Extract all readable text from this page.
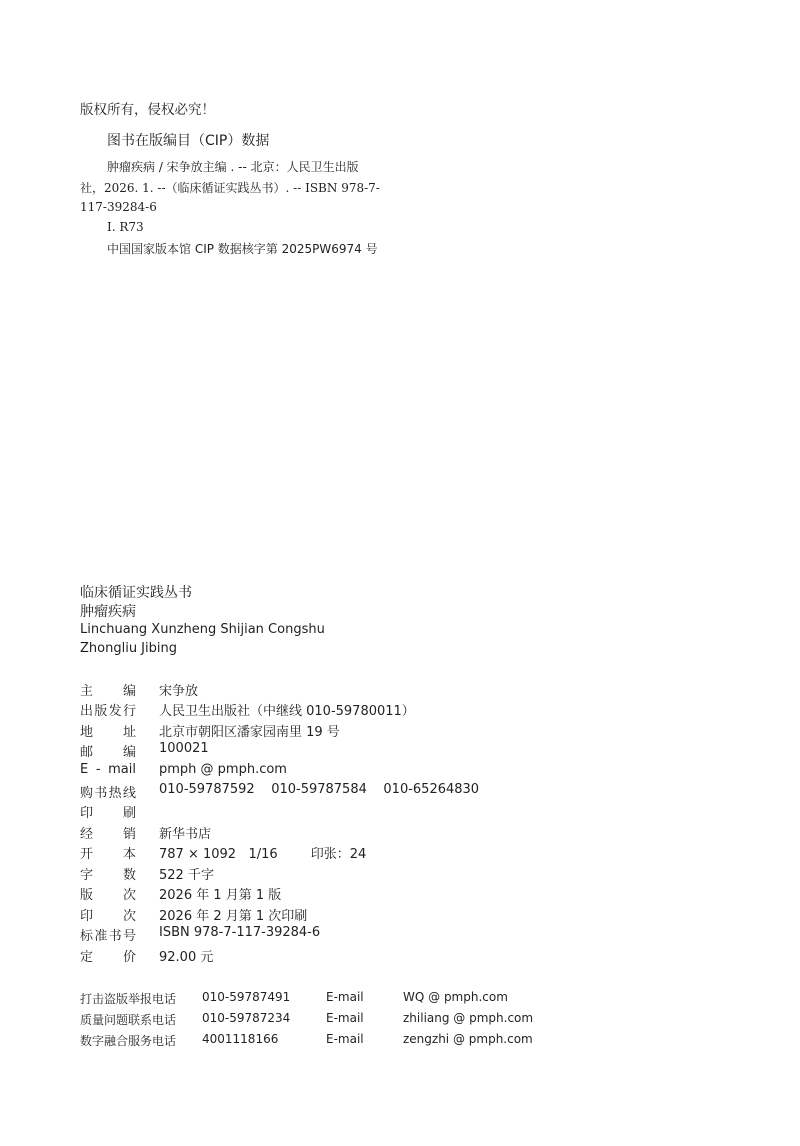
版权所有，侵权必究！
图书在版编目（CIP）数据
肿瘤疾病 / 宋争放主编 . -- 北京：人民卫生出版
社，2026. 1. --（临床循证实践丛书）. -- ISBN 978-7-
117-39284-6
Ⅰ. R73
中国国家版本馆 CIP 数据核字第 2025PW6974 号
临床循证实践丛书
肿瘤疾病
Linchuang Xunzheng Shijian Congshu
Zhongliu Jibing
主 编 宋争放
出 版 发 行 人民卫生出版社（中继线 010-59780011）
地 址 北京市朝阳区潘家园南里 19 号
邮 编 100021
E - mail pmph @ pmph.com
购 书 热 线 010-59787592    010-59787584    010-65264830
印 刷
经 销 新华书店
开 本 787 × 1092   1/16        印张：24
字 数 522 千字
版 次 2026 年 1 月第 1 版
印 次 2026 年 2 月第 1 次印刷
标 准 书 号 ISBN 978-7-117-39284-6
定 价 92.00 元
打击盗版举报电话 010-59787491	E-mail	WQ @ pmph.com
质量问题联系电话 010-59787234	E-mail	zhiliang @ pmph.com
数字融合服务电话 4001118166	E-mail	zengzhi @ pmph.com
